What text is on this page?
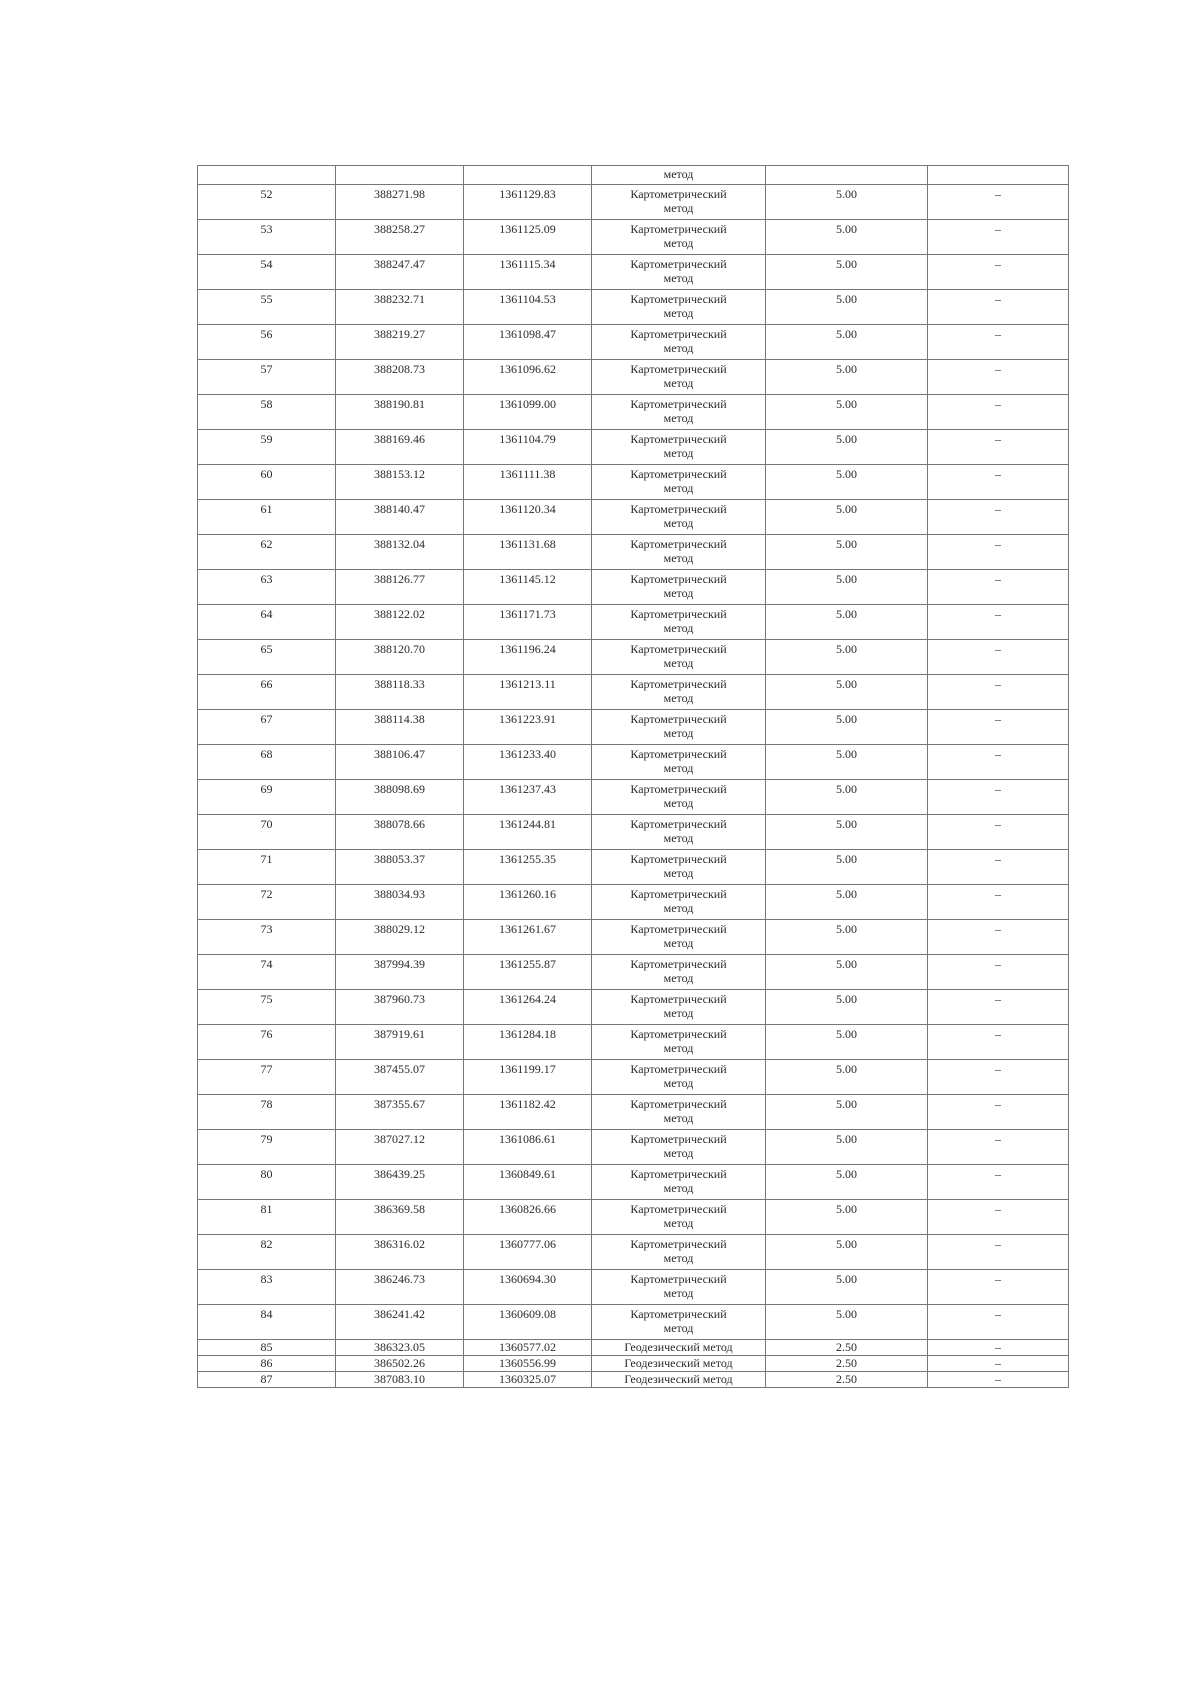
			метод		
52	388271.98	1361129.83	Картометрический
метод	5.00	–
53	388258.27	1361125.09	Картометрический
метод	5.00	–
54	388247.47	1361115.34	Картометрический
метод	5.00	–
55	388232.71	1361104.53	Картометрический
метод	5.00	–
56	388219.27	1361098.47	Картометрический
метод	5.00	–
57	388208.73	1361096.62	Картометрический
метод	5.00	–
58	388190.81	1361099.00	Картометрический
метод	5.00	–
59	388169.46	1361104.79	Картометрический
метод	5.00	–
60	388153.12	1361111.38	Картометрический
метод	5.00	–
61	388140.47	1361120.34	Картометрический
метод	5.00	–
62	388132.04	1361131.68	Картометрический
метод	5.00	–
63	388126.77	1361145.12	Картометрический
метод	5.00	–
64	388122.02	1361171.73	Картометрический
метод	5.00	–
65	388120.70	1361196.24	Картометрический
метод	5.00	–
66	388118.33	1361213.11	Картометрический
метод	5.00	–
67	388114.38	1361223.91	Картометрический
метод	5.00	–
68	388106.47	1361233.40	Картометрический
метод	5.00	–
69	388098.69	1361237.43	Картометрический
метод	5.00	–
70	388078.66	1361244.81	Картометрический
метод	5.00	–
71	388053.37	1361255.35	Картометрический
метод	5.00	–
72	388034.93	1361260.16	Картометрический
метод	5.00	–
73	388029.12	1361261.67	Картометрический
метод	5.00	–
74	387994.39	1361255.87	Картометрический
метод	5.00	–
75	387960.73	1361264.24	Картометрический
метод	5.00	–
76	387919.61	1361284.18	Картометрический
метод	5.00	–
77	387455.07	1361199.17	Картометрический
метод	5.00	–
78	387355.67	1361182.42	Картометрический
метод	5.00	–
79	387027.12	1361086.61	Картометрический
метод	5.00	–
80	386439.25	1360849.61	Картометрический
метод	5.00	–
81	386369.58	1360826.66	Картометрический
метод	5.00	–
82	386316.02	1360777.06	Картометрический
метод	5.00	–
83	386246.73	1360694.30	Картометрический
метод	5.00	–
84	386241.42	1360609.08	Картометрический
метод	5.00	–
85	386323.05	1360577.02	Геодезический метод	2.50	–
86	386502.26	1360556.99	Геодезический метод	2.50	–
87	387083.10	1360325.07	Геодезический метод	2.50	–
